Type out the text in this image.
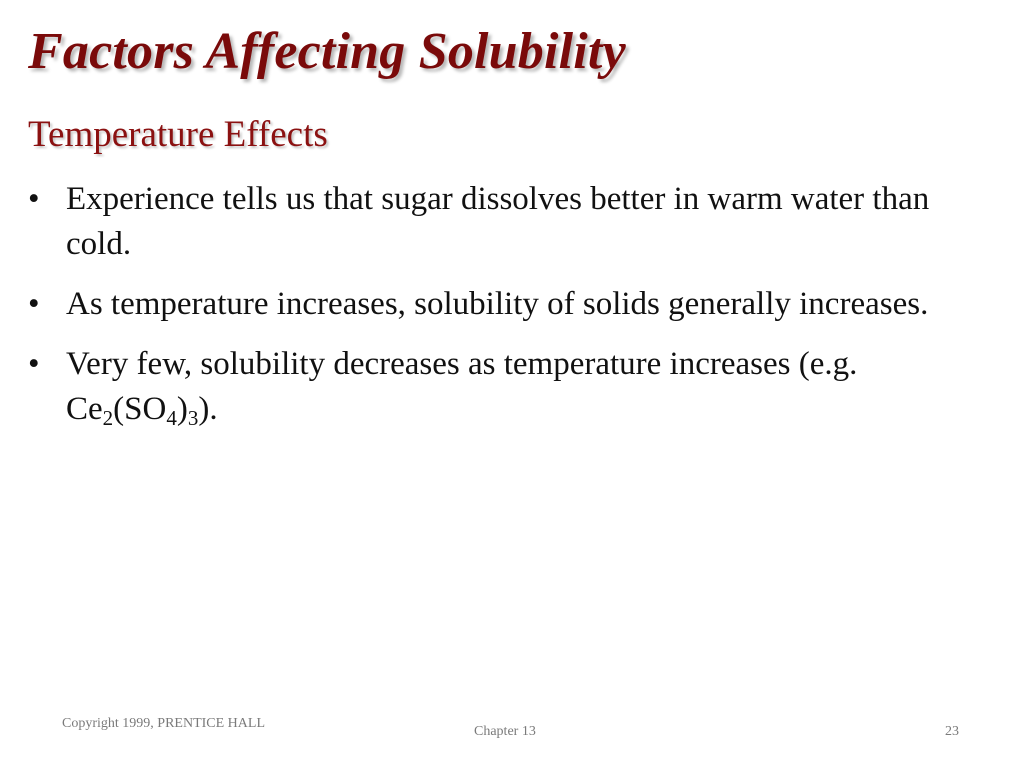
Factors Affecting Solubility
Temperature Effects
• Experience tells us that sugar dissolves better in warm water than cold.
• As temperature increases, solubility of solids generally increases.
• Very few, solubility decreases as temperature increases (e.g. $Ce_2(SO_4)_3$).
Copyright 1999, PRENTICE HALL
Chapter 13	23
